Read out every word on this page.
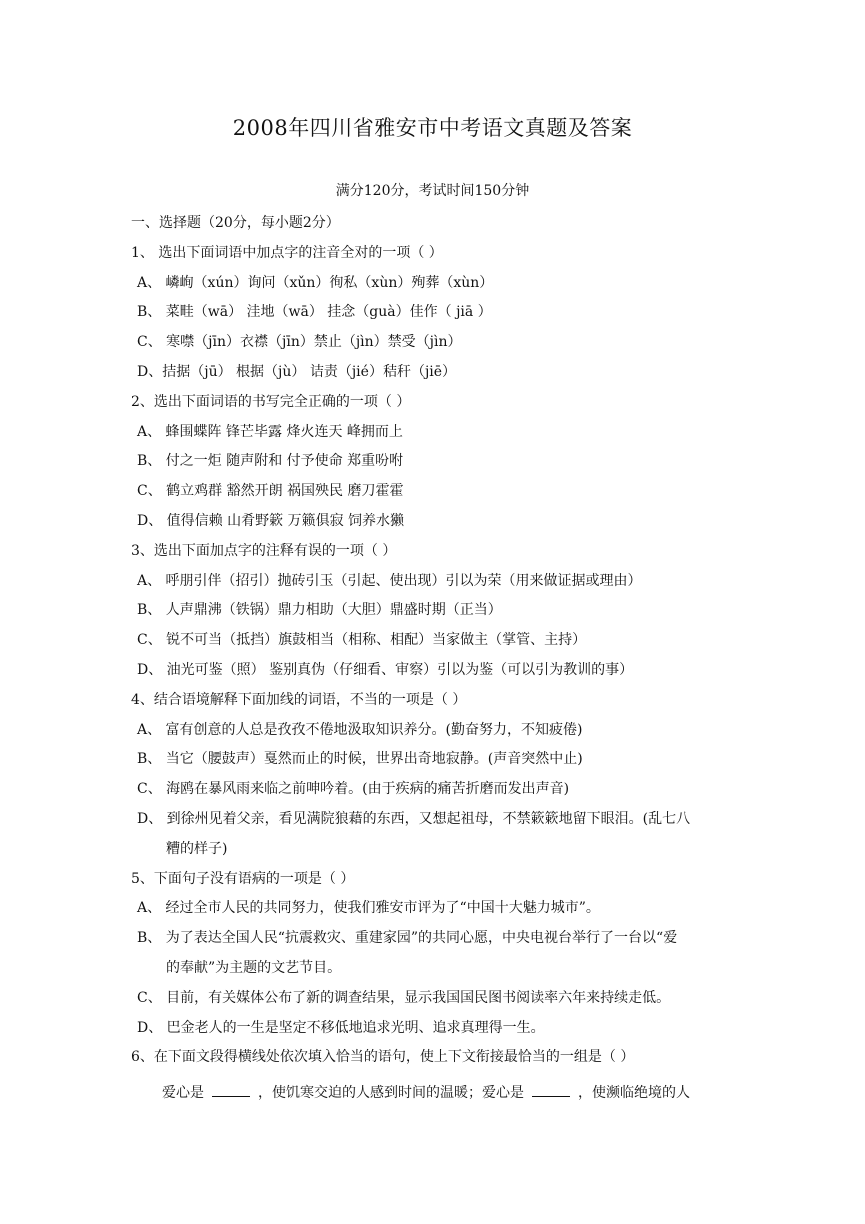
2008年四川省雅安市中考语文真题及答案
满分120分，考试时间150分钟
一、选择题（20分，每小题2分）
1、 选出下面词语中加点字的注音全对的一项（ ）
A、 嶙峋（xún）询问（xǔn）徇私（xùn）殉葬（xùn）
B、 菜畦（wā） 洼地（wā） 挂念（guà）佳作（ jiā ）
C、 寒噤（jīn）衣襟（jīn）禁止（jìn）禁受（jìn）
D、拮据（jū） 根据（jù） 诘责（jié）秸秆（jiē）
2、选出下面词语的书写完全正确的一项（ ）
A、 蜂围蝶阵 锋芒毕露 烽火连天 峰拥而上
B、 付之一炬 随声附和 付予使命 郑重吩咐
C、 鹤立鸡群 豁然开朗 祸国殃民 磨刀霍霍
D、 值得信赖 山肴野簌 万籁俱寂 饲养水獭
3、选出下面加点字的注释有误的一项（ ）
A、 呼朋引伴（招引）抛砖引玉（引起、使出现）引以为荣（用来做证据或理由）
B、 人声鼎沸（铁锅）鼎力相助（大胆）鼎盛时期（正当）
C、 锐不可当（抵挡）旗鼓相当（相称、相配）当家做主（掌管、主持）
D、 油光可鉴（照） 鉴别真伪（仔细看、审察）引以为鉴（可以引为教训的事）
4、结合语境解释下面加线的词语，不当的一项是（ ）
A、 富有创意的人总是孜孜不倦地汲取知识养分。(勤奋努力，不知疲倦)
B、 当它（腰鼓声）戛然而止的时候，世界出奇地寂静。(声音突然中止)
C、 海鸥在暴风雨来临之前呻吟着。(由于疾病的痛苦折磨而发出声音)
D、 到徐州见着父亲，看见满院狼藉的东西，又想起祖母，不禁簌簌地留下眼泪。(乱七八
糟的样子)
5、下面句子没有语病的一项是（ ）
A、 经过全市人民的共同努力，使我们雅安市评为了“中国十大魅力城市”。
B、 为了表达全国人民“抗震救灾、重建家园”的共同心愿，中央电视台举行了一台以“爱
的奉献”为主题的文艺节目。
C、 目前，有关媒体公布了新的调查结果，显示我国国民图书阅读率六年来持续走低。
D、 巴金老人的一生是坚定不移低地追求光明、追求真理得一生。
6、在下面文段得横线处依次填入恰当的语句，使上下文衔接最恰当的一组是（ ）
爱心是	，使饥寒交迫的人感到时间的温暖；爱心是	，使濒临绝境的人
